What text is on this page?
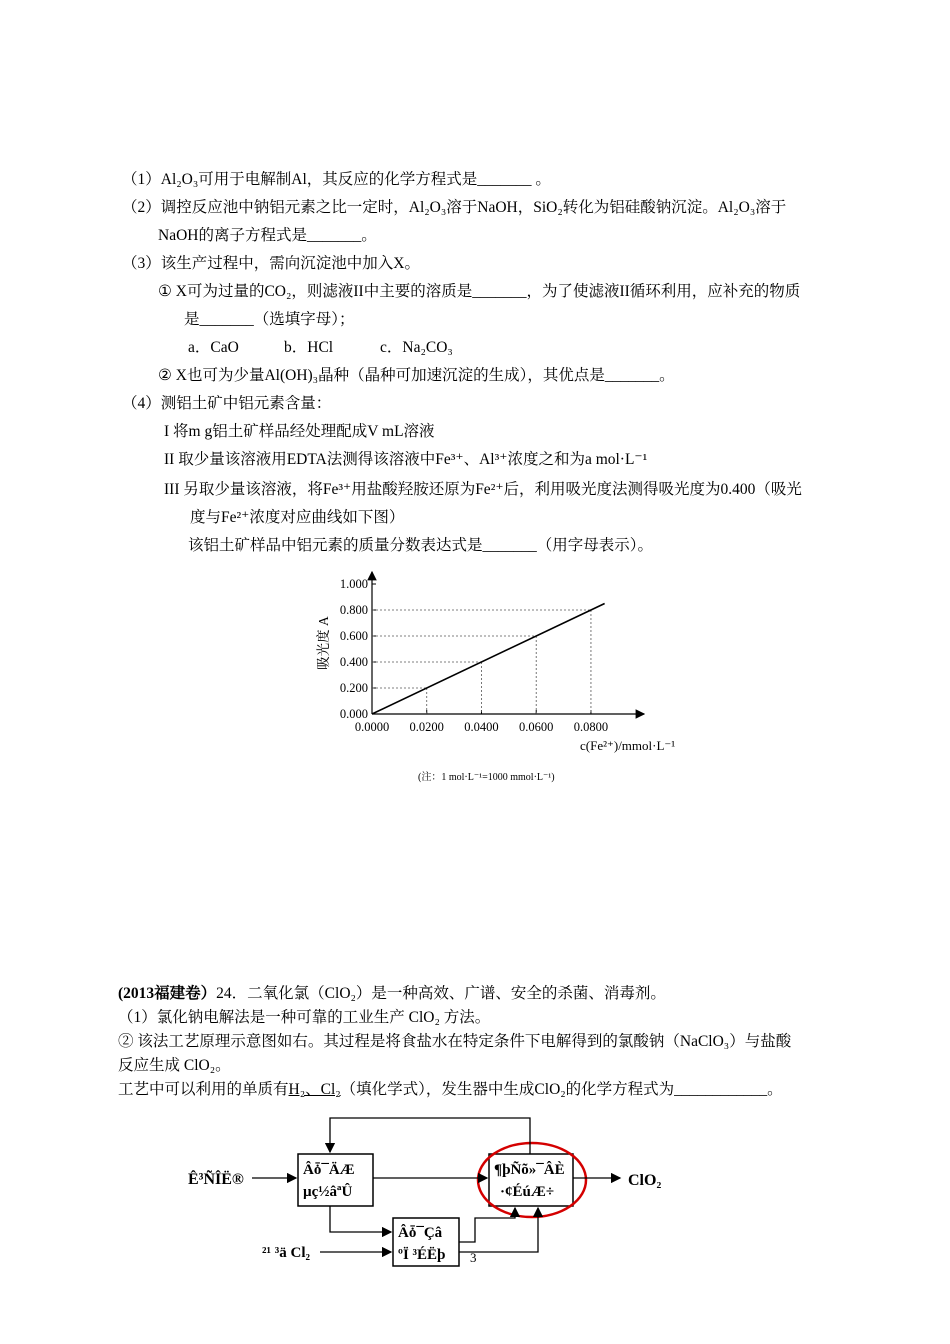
（1）Al₂O₃可用于电解制Al，其反应的化学方程式是_______ 。
（2）调控反应池中钠铝元素之比一定时，Al₂O₃溶于NaOH，SiO₂转化为铝硅酸钠沉淀。Al₂O₃溶于
NaOH的离子方程式是_______。
（3）该生产过程中，需向沉淀池中加入X。
① X可为过量的CO₂，则滤液II中主要的溶质是_______，为了使滤液II循环利用，应补充的物质
是_______（选填字母）；
a．CaO	b．HCl	c．Na₂CO₃
② X也可为少量Al(OH)₃晶种（晶种可加速沉淀的生成），其优点是_______。
（4）测铝土矿中铝元素含量：
I 将m g铝土矿样品经处理配成V mL溶液
II 取少量该溶液用EDTA法测得该溶液中Fe³⁺、Al³⁺浓度之和为a mol·L⁻¹
III 另取少量该溶液，将Fe³⁺用盐酸羟胺还原为Fe²⁺后，利用吸光度法测得吸光度为0.400（吸光
度与Fe²⁺浓度对应曲线如下图）
该铝土矿样品中铝元素的质量分数表达式是_______（用字母表示）。
0.000
0.200
0.400
0.600
0.800
1.000
0.0000 0.0200 0.0400 0.0600 0.0800
c(Fe²⁺)/mmol·L⁻¹
吸光度 A
(注：1 mol·L⁻¹=1000 mmol·L⁻¹)
(2013福建卷）24．二氧化氯（ClO₂）是一种高效、广谱、安全的杀菌、消毒剂。
（1）氯化钠电解法是一种可靠的工业生产 ClO₂ 方法。
② 该法工艺原理示意图如右。其过程是将食盐水在特定条件下电解得到的氯酸钠（NaClO₃）与盐酸
反应生成 ClO₂。
工艺中可以利用的单质有H₂、Cl₂（填化学式），发生器中生成ClO₂的化学方程式为____________。
Ê³ÑÎË®
Âȱ¯ÄÆ
µç½âªÛ
¶þÑõ»¯ÂÈ
·¢ÉúÆ÷
Âȱ¯Çâ
ºÏ ³ÉËþ
²¹ ³ä Cl₂
ClO₂
3
